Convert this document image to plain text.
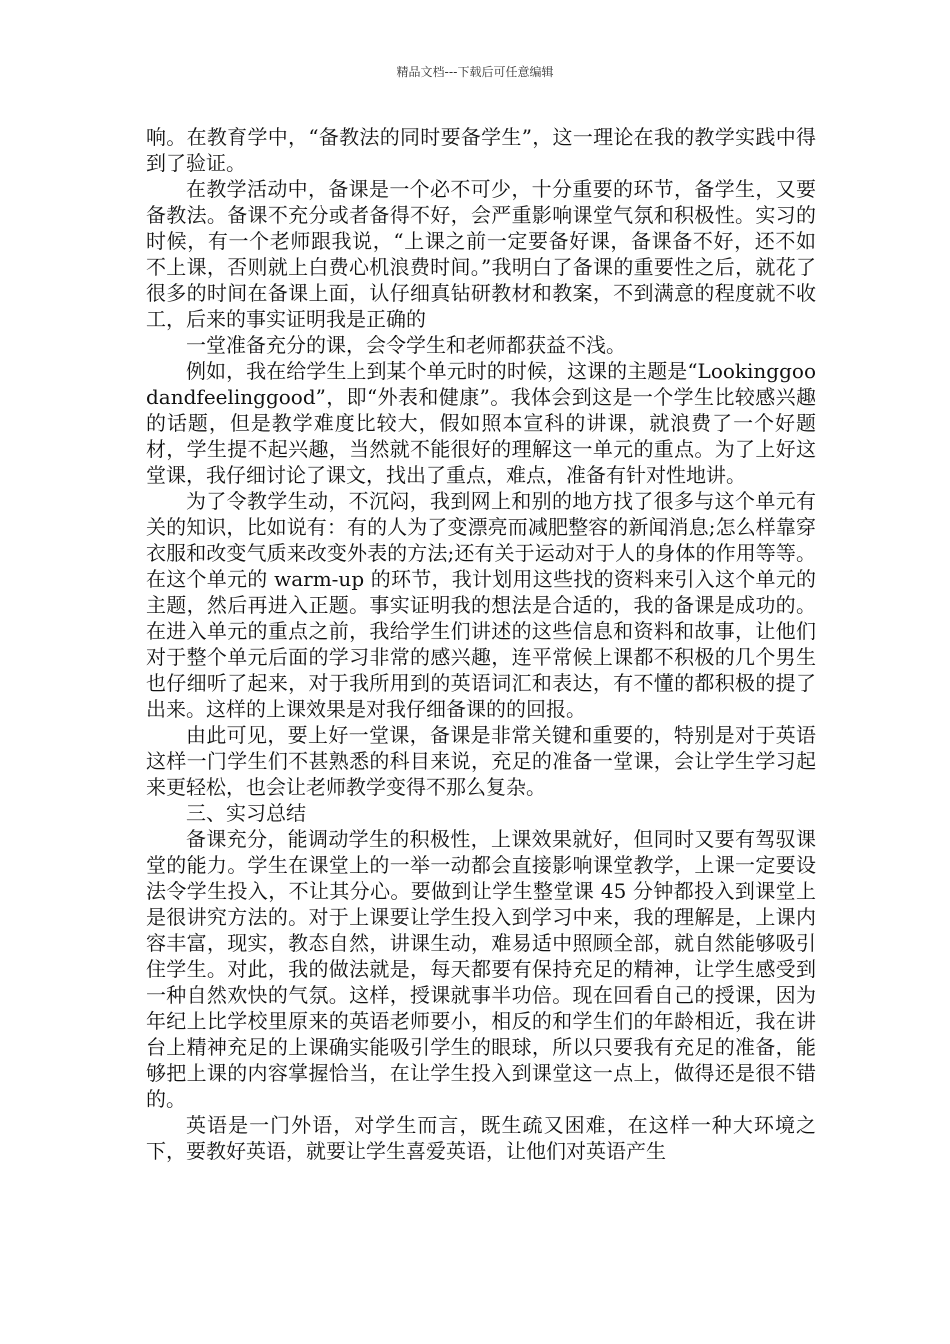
精品文档---下载后可任意编辑

响。在教育学中，“备教法的同时要备学生”，这一理论在我的教学实践中得到了验证。

在教学活动中，备课是一个必不可少，十分重要的环节，备学生，又要备教法。备课不充分或者备得不好，会严重影响课堂气氛和积极性。实习的时候，有一个老师跟我说，“上课之前一定要备好课，备课备不好，还不如不上课，否则就上白费心机浪费时间。”我明白了备课的重要性之后，就花了很多的时间在备课上面，认仔细真钻研教材和教案，不到满意的程度就不收工，后来的事实证明我是正确的

一堂准备充分的课，会令学生和老师都获益不浅。

例如，我在给学生上到某个单元时的时候，这课的主题是“Lookinggoodandfeelinggood”，即“外表和健康”。我体会到这是一个学生比较感兴趣的话题，但是教学难度比较大，假如照本宣科的讲课，就浪费了一个好题材，学生提不起兴趣，当然就不能很好的理解这一单元的重点。为了上好这堂课，我仔细讨论了课文，找出了重点，难点，准备有针对性地讲。

为了令教学生动，不沉闷，我到网上和别的地方找了很多与这个单元有关的知识，比如说有：有的人为了变漂亮而减肥整容的新闻消息;怎么样靠穿衣服和改变气质来改变外表的方法;还有关于运动对于人的身体的作用等等。在这个单元的 warm-up 的环节，我计划用这些找的资料来引入这个单元的主题，然后再进入正题。事实证明我的想法是合适的，我的备课是成功的。在进入单元的重点之前，我给学生们讲述的这些信息和资料和故事，让他们对于整个单元后面的学习非常的感兴趣，连平常候上课都不积极的几个男生也仔细听了起来，对于我所用到的英语词汇和表达，有不懂的都积极的提了出来。这样的上课效果是对我仔细备课的的回报。

由此可见，要上好一堂课，备课是非常关键和重要的，特别是对于英语这样一门学生们不甚熟悉的科目来说，充足的准备一堂课，会让学生学习起来更轻松，也会让老师教学变得不那么复杂。

三、实习总结

备课充分，能调动学生的积极性，上课效果就好，但同时又要有驾驭课堂的能力。学生在课堂上的一举一动都会直接影响课堂教学，上课一定要设法令学生投入，不让其分心。要做到让学生整堂课 45 分钟都投入到课堂上是很讲究方法的。对于上课要让学生投入到学习中来，我的理解是，上课内容丰富，现实，教态自然，讲课生动，难易适中照顾全部，就自然能够吸引住学生。对此，我的做法就是，每天都要有保持充足的精神，让学生感受到一种自然欢快的气氛。这样，授课就事半功倍。现在回看自己的授课，因为年纪上比学校里原来的英语老师要小，相反的和学生们的年龄相近，我在讲台上精神充足的上课确实能吸引学生的眼球，所以只要我有充足的准备，能够把上课的内容掌握恰当，在让学生投入到课堂这一点上，做得还是很不错的。

英语是一门外语，对学生而言，既生疏又困难，在这样一种大环境之下，要教好英语，就要让学生喜爱英语，让他们对英语产生
